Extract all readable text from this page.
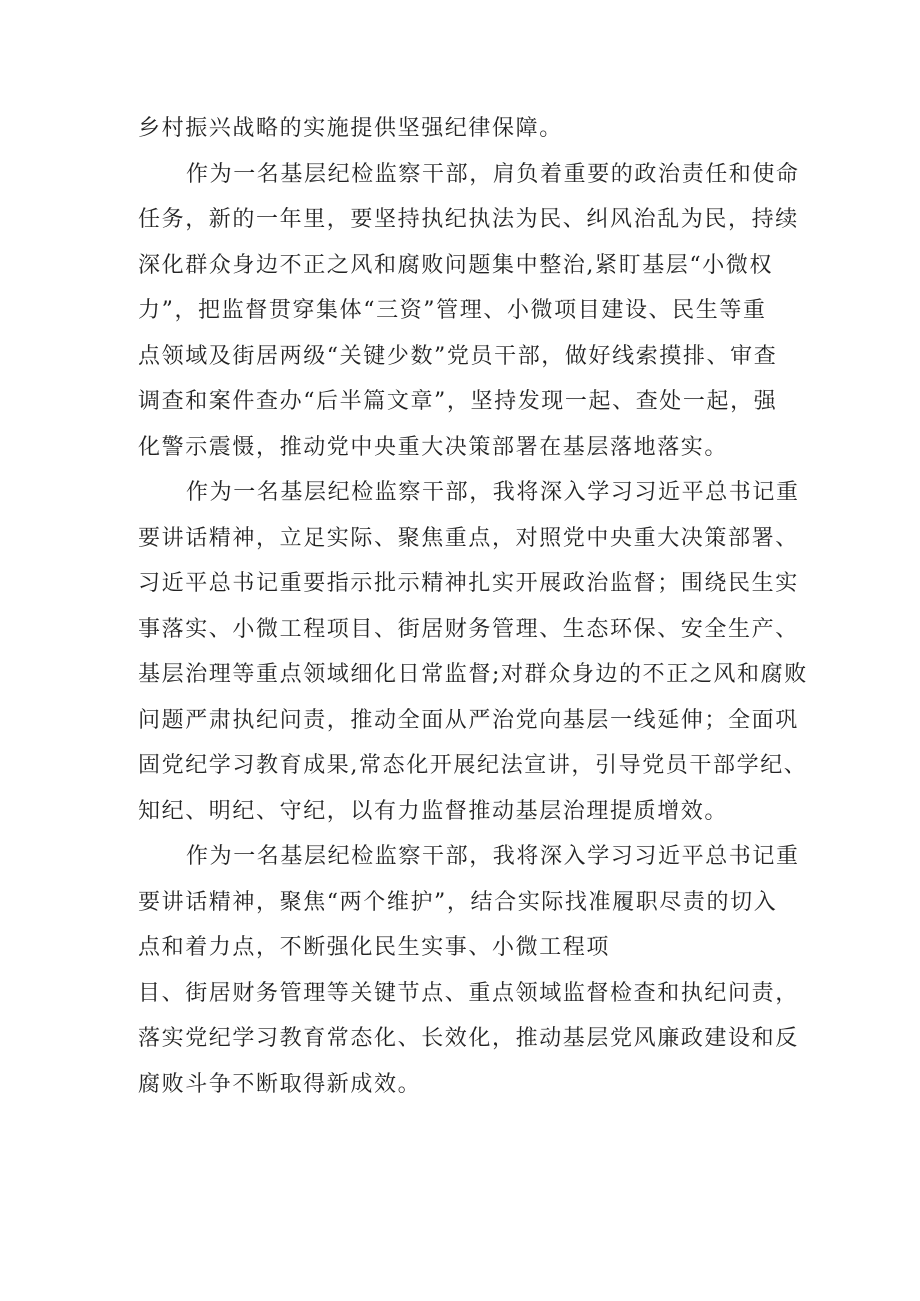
乡村振兴战略的实施提供坚强纪律保障。
作为一名基层纪检监察干部，肩负着重要的政治责任和使命
任务，新的一年里，要坚持执纪执法为民、纠风治乱为民，持续
深化群众身边不正之风和腐败问题集中整治,紧盯基层“小微权
力”，把监督贯穿集体“三资”管理、小微项目建设、民生等重
点领域及街居两级“关键少数”党员干部，做好线索摸排、审查
调查和案件查办“后半篇文章”，坚持发现一起、查处一起，强
化警示震慑，推动党中央重大决策部署在基层落地落实。
作为一名基层纪检监察干部，我将深入学习习近平总书记重
要讲话精神，立足实际、聚焦重点，对照党中央重大决策部署、
习近平总书记重要指示批示精神扎实开展政治监督；围绕民生实
事落实、小微工程项目、街居财务管理、生态环保、安全生产、
基层治理等重点领域细化日常监督;对群众身边的不正之风和腐败
问题严肃执纪问责，推动全面从严治党向基层一线延伸；全面巩
固党纪学习教育成果,常态化开展纪法宣讲，引导党员干部学纪、
知纪、明纪、守纪，以有力监督推动基层治理提质增效。
作为一名基层纪检监察干部，我将深入学习习近平总书记重
要讲话精神，聚焦“两个维护”，结合实际找准履职尽责的切入
点和着力点，不断强化民生实事、小微工程项
目、街居财务管理等关键节点、重点领域监督检查和执纪问责，
落实党纪学习教育常态化、长效化，推动基层党风廉政建设和反
腐败斗争不断取得新成效。
